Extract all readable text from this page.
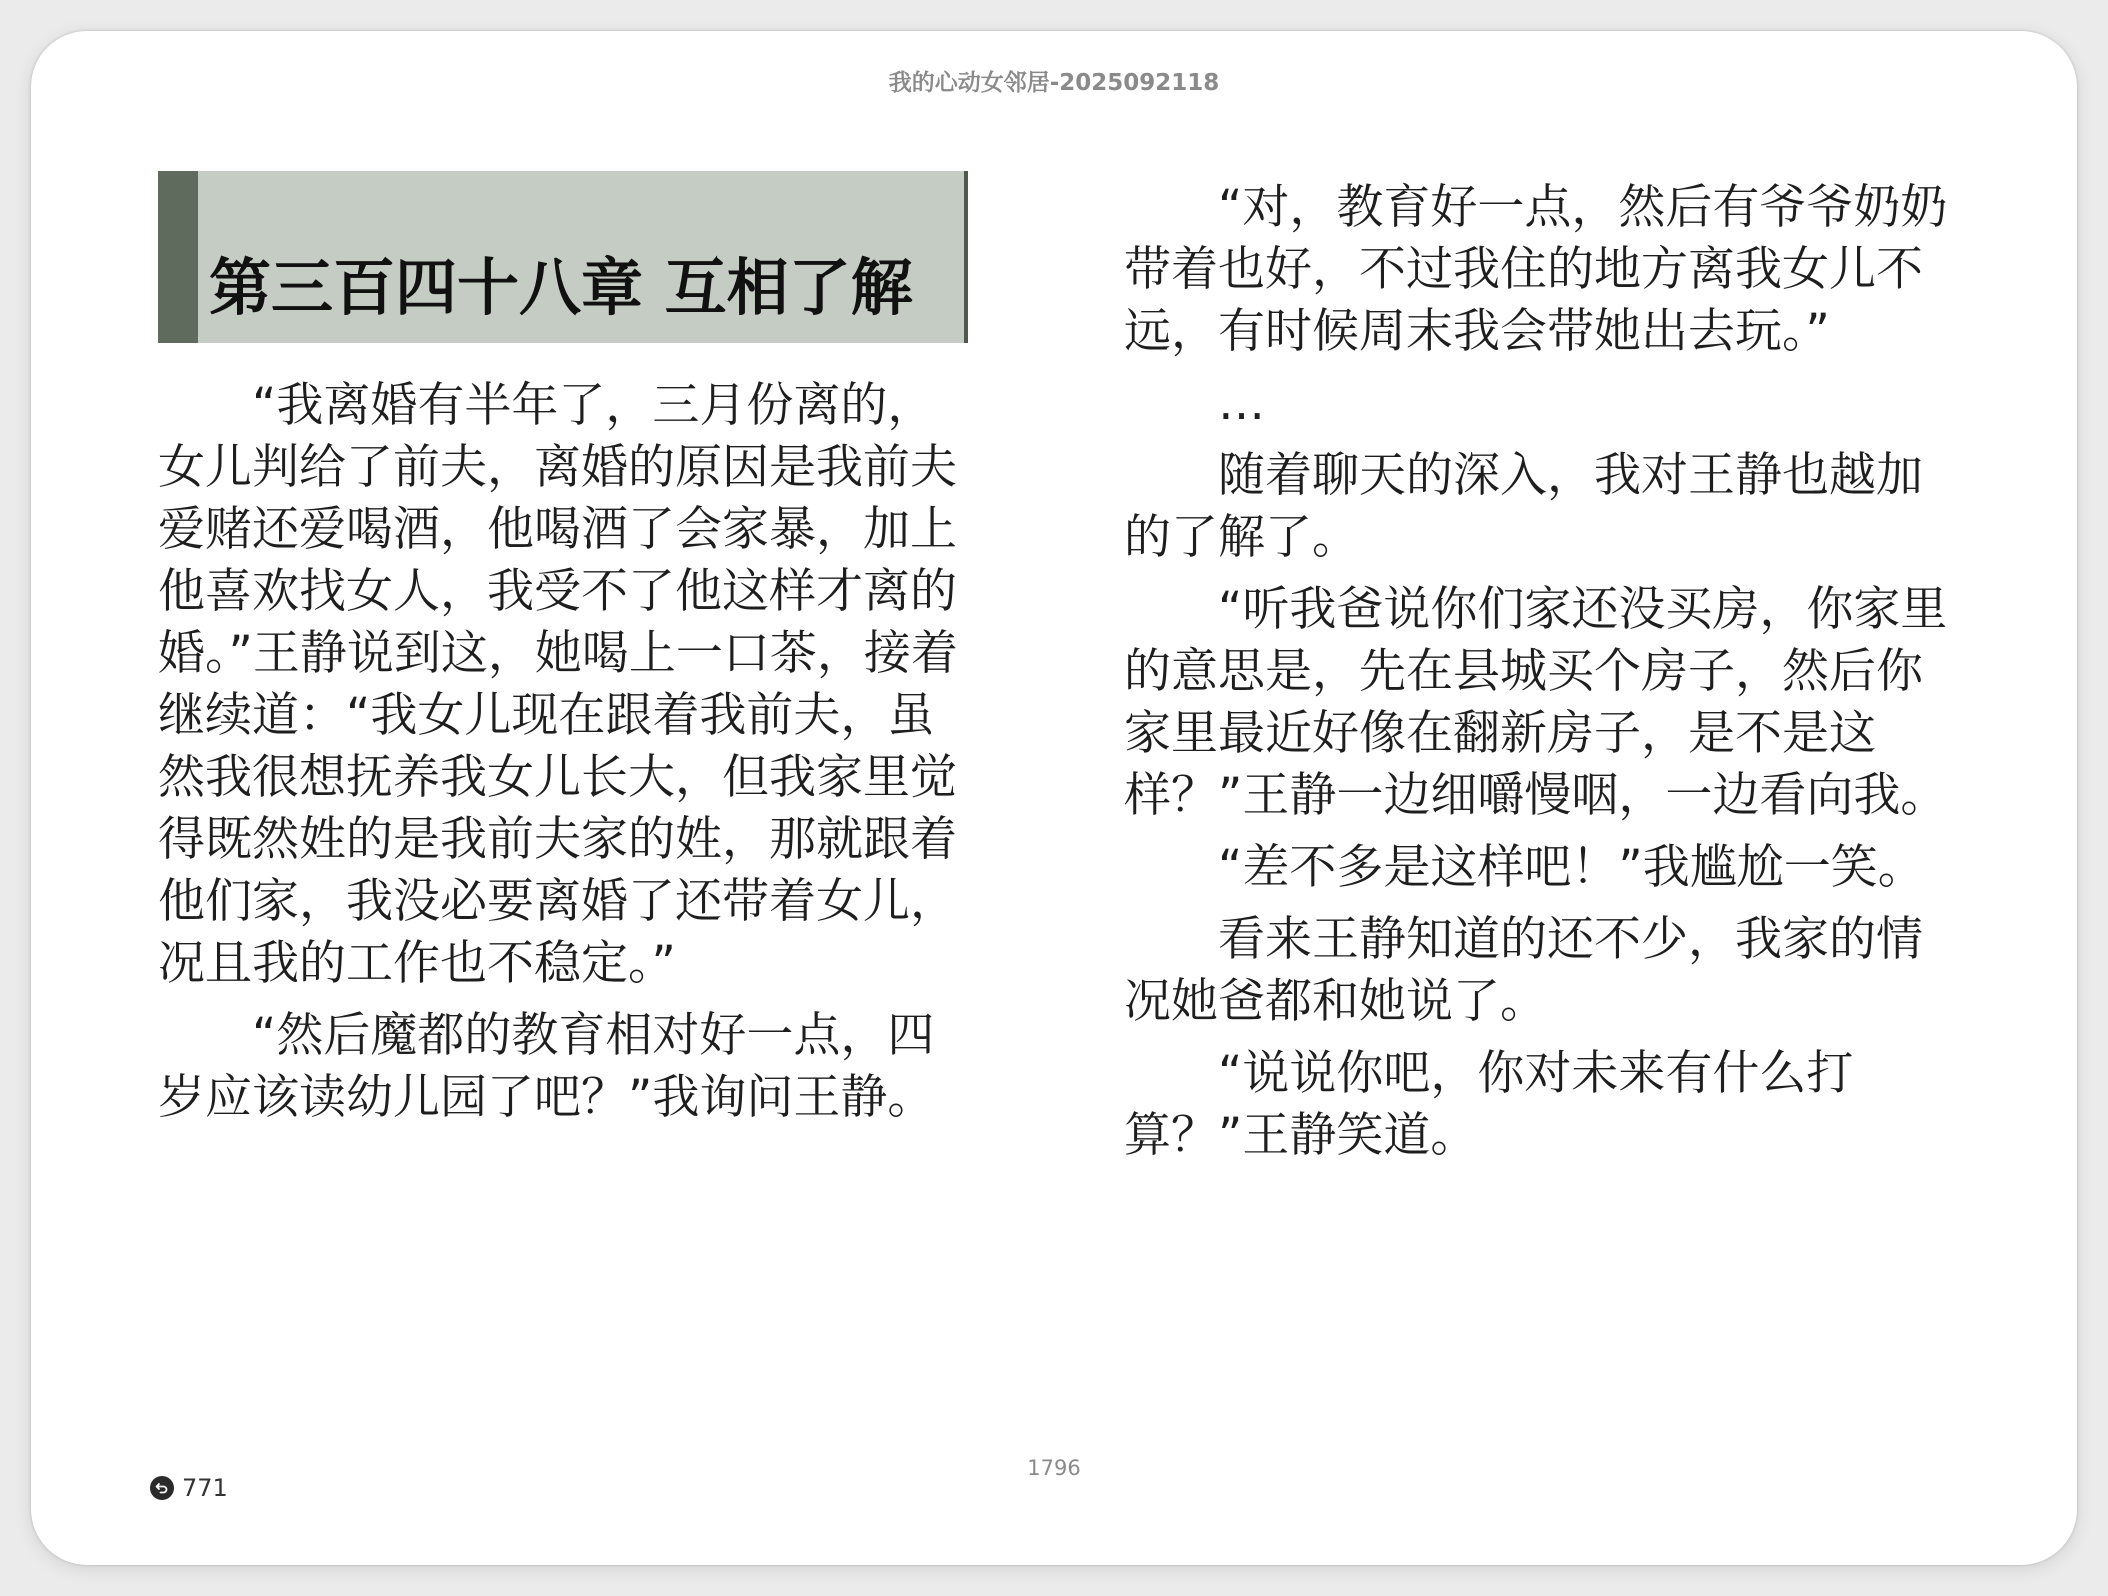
我的心动女邻居-2025092118
第三百四十八章 互相了解

“我离婚有半年了，三月份离的，女儿判给了前夫，离婚的原因是我前夫爱赌还爱喝酒，他喝酒了会家暴，加上他喜欢找女人，我受不了他这样才离的婚。”王静说到这，她喝上一口茶，接着继续道：“我女儿现在跟着我前夫，虽然我很想抚养我女儿长大，但我家里觉得既然姓的是我前夫家的姓，那就跟着他们家，我没必要离婚了还带着女儿，况且我的工作也不稳定。”

“然后魔都的教育相对好一点，四岁应该读幼儿园了吧？”我询问王静。

“对，教育好一点，然后有爷爷奶奶带着也好，不过我住的地方离我女儿不远，有时候周末我会带她出去玩。”

…

随着聊天的深入，我对王静也越加的了解了。

“听我爸说你们家还没买房，你家里的意思是，先在县城买个房子，然后你家里最近好像在翻新房子，是不是这样？”王静一边细嚼慢咽，一边看向我。

“差不多是这样吧！”我尴尬一笑。

看来王静知道的还不少，我家的情况她爸都和她说了。

“说说你吧，你对未来有什么打算？”王静笑道。

1796
771
